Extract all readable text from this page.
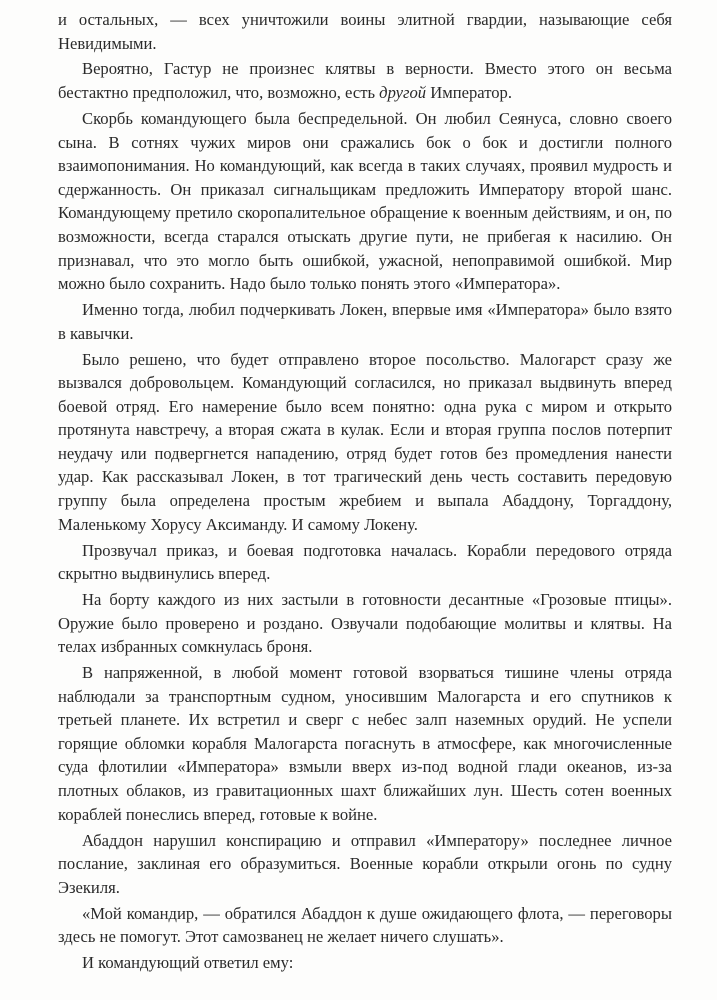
и остальных, — всех уничтожили воины элитной гвардии, называющие себя Невидимыми.

Вероятно, Гастур не произнес клятвы в верности. Вместо этого он весьма бестактно предположил, что, возможно, есть другой Император.

Скорбь командующего была беспредельной. Он любил Сеянуса, словно своего сына. В сотнях чужих миров они сражались бок о бок и достигли полного взаимопонимания. Но командующий, как всегда в таких случаях, проявил мудрость и сдержанность. Он приказал сигнальщикам предложить Императору второй шанс. Командующему претило скоропалительное обращение к военным действиям, и он, по возможности, всегда старался отыскать другие пути, не прибегая к насилию. Он признавал, что это могло быть ошибкой, ужасной, непоправимой ошибкой. Мир можно было сохранить. Надо было только понять этого «Императора».

Именно тогда, любил подчеркивать Локен, впервые имя «Императора» было взято в кавычки.

Было решено, что будет отправлено второе посольство. Малогарст сразу же вызвался добровольцем. Командующий согласился, но приказал выдвинуть вперед боевой отряд. Его намерение было всем понятно: одна рука с миром и открыто протянута навстречу, а вторая сжата в кулак. Если и вторая группа послов потерпит неудачу или подвергнется нападению, отряд будет готов без промедления нанести удар. Как рассказывал Локен, в тот трагический день честь составить передовую группу была определена простым жребием и выпала Абаддону, Торгаддону, Маленькому Хорусу Аксиманду. И самому Локену.

Прозвучал приказ, и боевая подготовка началась. Корабли передового отряда скрытно выдвинулись вперед.

На борту каждого из них застыли в готовности десантные «Грозовые птицы». Оружие было проверено и роздано. Озвучали подобающие молитвы и клятвы. На телах избранных сомкнулась броня.

В напряженной, в любой момент готовой взорваться тишине члены отряда наблюдали за транспортным судном, уносившим Малогарста и его спутников к третьей планете. Их встретил и сверг с небес залп наземных орудий. Не успели горящие обломки корабля Малогарста погаснуть в атмосфере, как многочисленные суда флотилии «Императора» взмыли вверх из-под водной глади океанов, из-за плотных облаков, из гравитационных шахт ближайших лун. Шесть сотен военных кораблей понеслись вперед, готовые к войне.

Абаддон нарушил конспирацию и отправил «Императору» последнее личное послание, заклиная его образумиться. Военные корабли открыли огонь по судну Эзекиля.

«Мой командир, — обратился Абаддон к душе ожидающего флота, — переговоры здесь не помогут. Этот самозванец не желает ничего слушать».

И командующий ответил ему:
